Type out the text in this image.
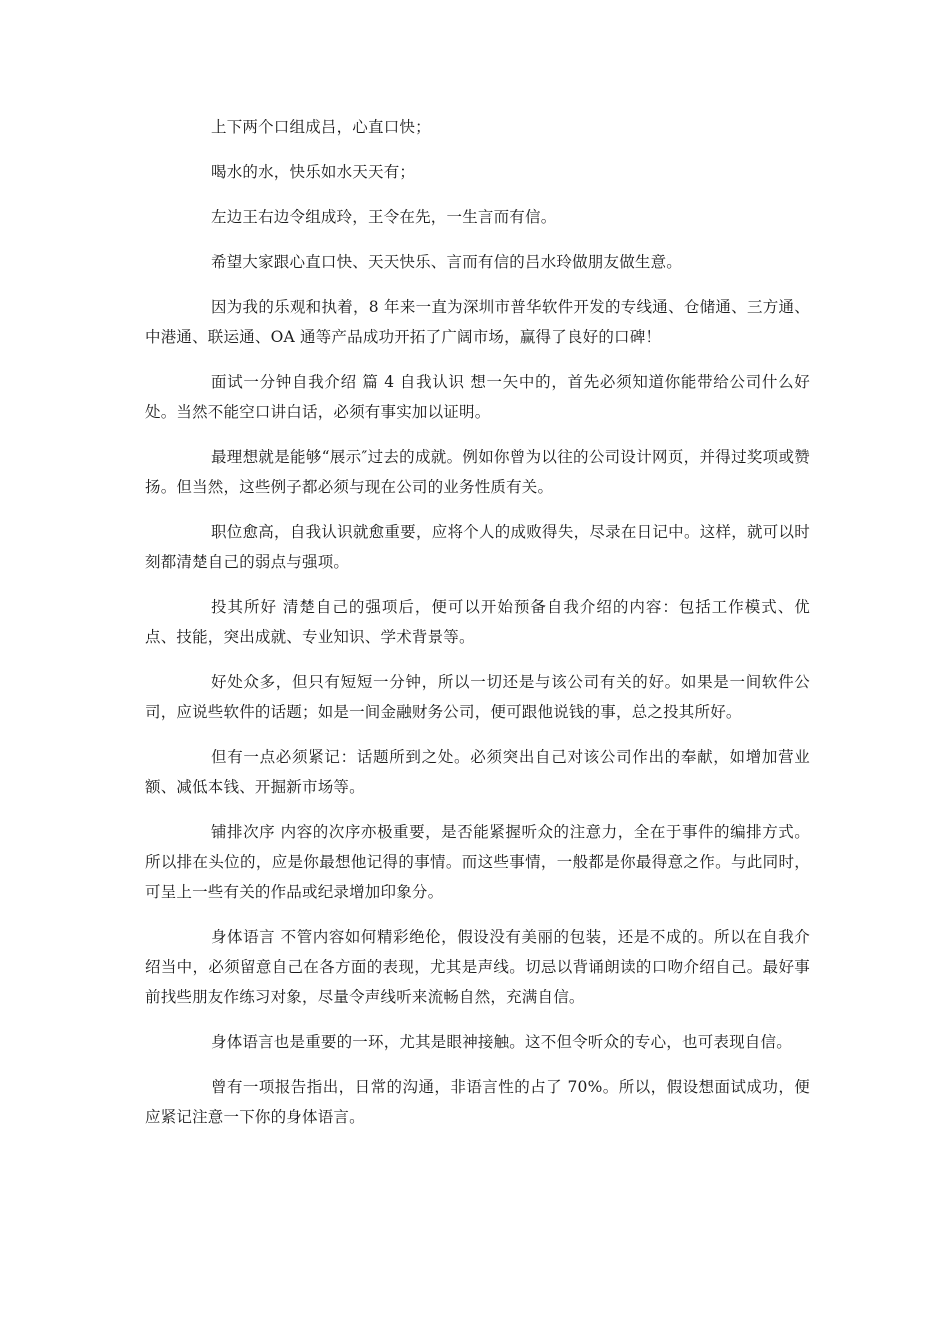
上下两个口组成吕，心直口快；

喝水的水，快乐如水天天有；

左边王右边令组成玲，王令在先，一生言而有信。

希望大家跟心直口快、天天快乐、言而有信的吕水玲做朋友做生意。

因为我的乐观和执着，8 年来一直为深圳市普华软件开发的专线通、仓储通、三方通、中港通、联运通、OA 通等产品成功开拓了广阔市场，赢得了良好的口碑！

面试一分钟自我介绍 篇 4 自我认识 想一矢中的，首先必须知道你能带给公司什么好处。当然不能空口讲白话，必须有事实加以证明。

最理想就是能够“展示″过去的成就。例如你曾为以往的公司设计网页，并得过奖项或赞扬。但当然，这些例子都必须与现在公司的业务性质有关。

职位愈高，自我认识就愈重要，应将个人的成败得失，尽录在日记中。这样，就可以时刻都清楚自己的弱点与强项。

投其所好 清楚自己的强项后，便可以开始预备自我介绍的内容：包括工作模式、优点、技能，突出成就、专业知识、学术背景等。

好处众多，但只有短短一分钟，所以一切还是与该公司有关的好。如果是一间软件公司，应说些软件的话题；如是一间金融财务公司，便可跟他说钱的事，总之投其所好。

但有一点必须紧记：话题所到之处。必须突出自己对该公司作出的奉献，如增加营业额、减低本钱、开掘新市场等。

铺排次序 内容的次序亦极重要，是否能紧握听众的注意力，全在于事件的编排方式。所以排在头位的，应是你最想他记得的事情。而这些事情，一般都是你最得意之作。与此同时，可呈上一些有关的作品或纪录增加印象分。

身体语言 不管内容如何精彩绝伦，假设没有美丽的包装，还是不成的。所以在自我介绍当中，必须留意自己在各方面的表现，尤其是声线。切忌以背诵朗读的口吻介绍自己。最好事前找些朋友作练习对象，尽量令声线听来流畅自然，充满自信。

身体语言也是重要的一环，尤其是眼神接触。这不但令听众的专心，也可表现自信。

曾有一项报告指出，日常的沟通，非语言性的占了 70%。所以，假设想面试成功，便应紧记注意一下你的身体语言。
